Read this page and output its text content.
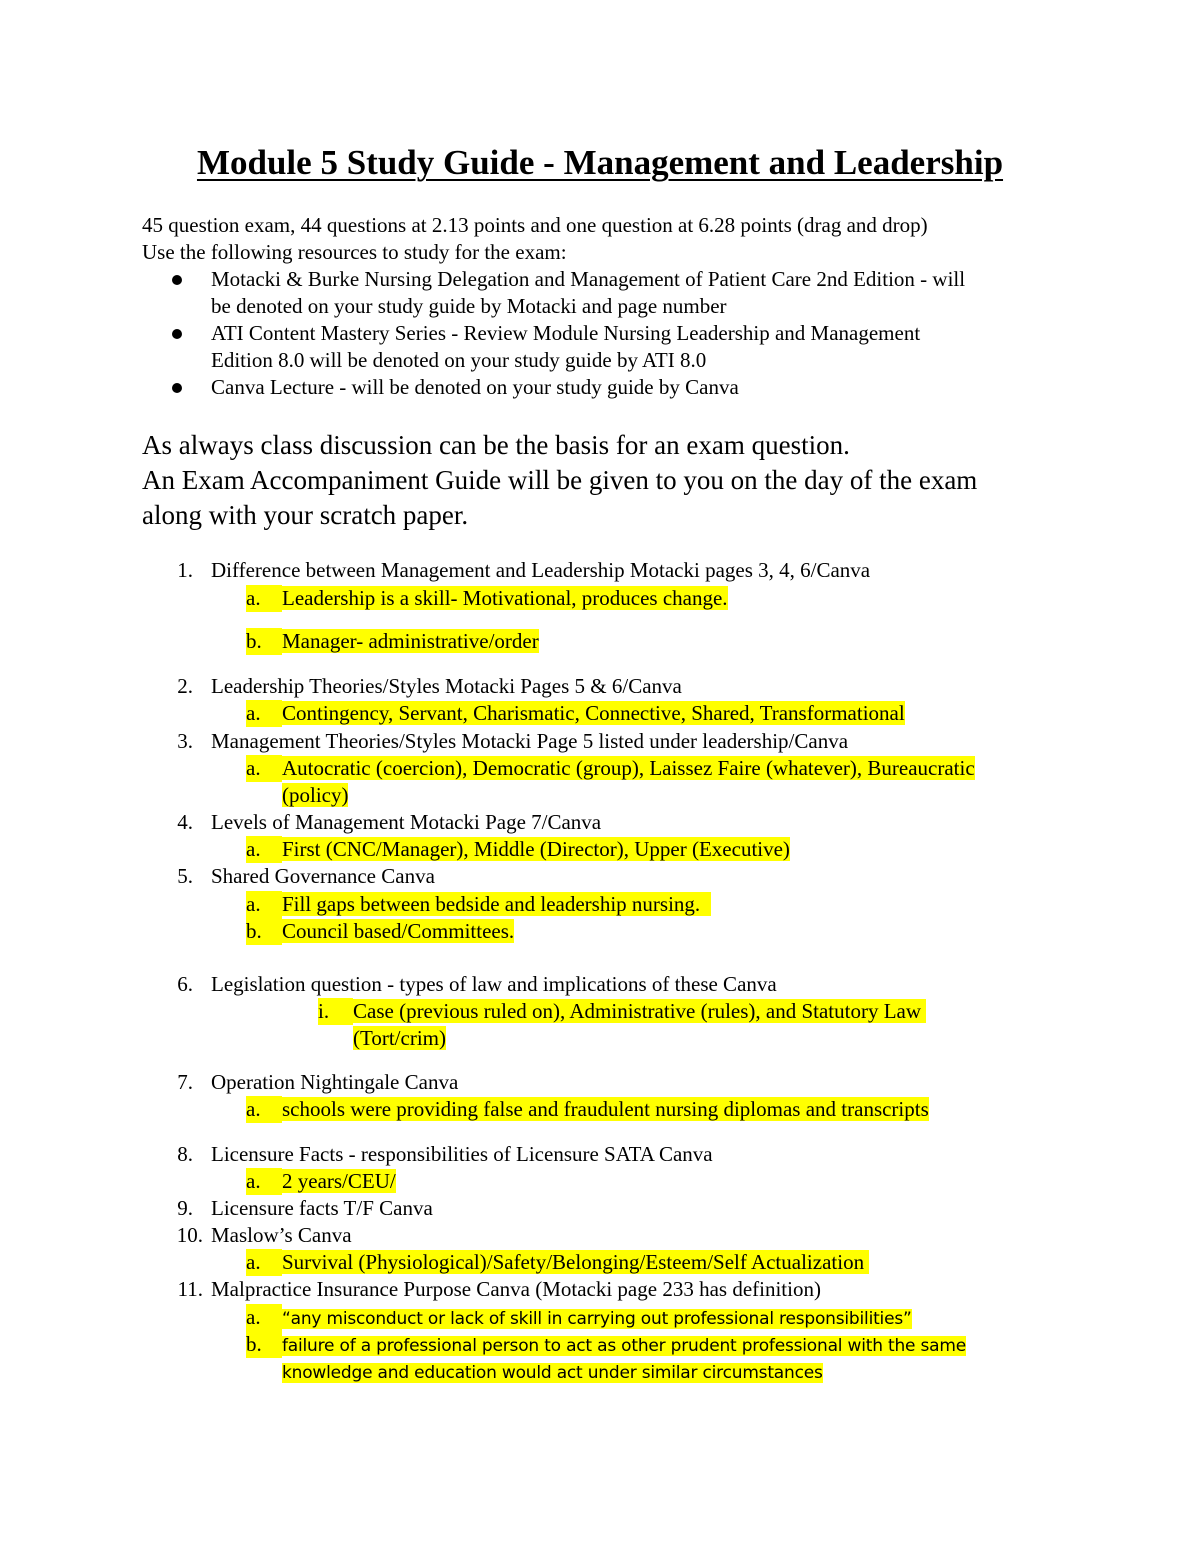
Module 5 Study Guide - Management and Leadership
45 question exam, 44 questions at 2.13 points and one question at 6.28 points (drag and drop)
Use the following resources to study for the exam:
Motacki & Burke Nursing Delegation and Management of Patient Care 2nd Edition - will
be denoted on your study guide by Motacki and page number
ATI Content Mastery Series - Review Module Nursing Leadership and Management
Edition 8.0 will be denoted on your study guide by ATI 8.0
Canva Lecture - will be denoted on your study guide by Canva
As always class discussion can be the basis for an exam question.
An Exam Accompaniment Guide will be given to you on the day of the exam
along with your scratch paper.
1. Difference between Management and Leadership Motacki pages 3, 4, 6/Canva
a. Leadership is a skill- Motivational, produces change.
b. Manager- administrative/order
2. Leadership Theories/Styles Motacki Pages 5 & 6/Canva
a. Contingency, Servant, Charismatic, Connective, Shared, Transformational
3. Management Theories/Styles Motacki Page 5 listed under leadership/Canva
a. Autocratic (coercion), Democratic (group), Laissez Faire (whatever), Bureaucratic
(policy)
4. Levels of Management Motacki Page 7/Canva
a. First (CNC/Manager), Middle (Director), Upper (Executive)
5. Shared Governance Canva
a. Fill gaps between bedside and leadership nursing.
b. Council based/Committees.
6. Legislation question - types of law and implications of these Canva
i. Case (previous ruled on), Administrative (rules), and Statutory Law
(Tort/crim)
7. Operation Nightingale Canva
a. schools were providing false and fraudulent nursing diplomas and transcripts
8. Licensure Facts - responsibilities of Licensure SATA Canva
a. 2 years/CEU/
9. Licensure facts T/F Canva
10. Maslow’s Canva
a. Survival (Physiological)/Safety/Belonging/Esteem/Self Actualization
11. Malpractice Insurance Purpose Canva (Motacki page 233 has definition)
a. “any misconduct or lack of skill in carrying out professional responsibilities”
b. failure of a professional person to act as other prudent professional with the same
knowledge and education would act under similar circumstances
